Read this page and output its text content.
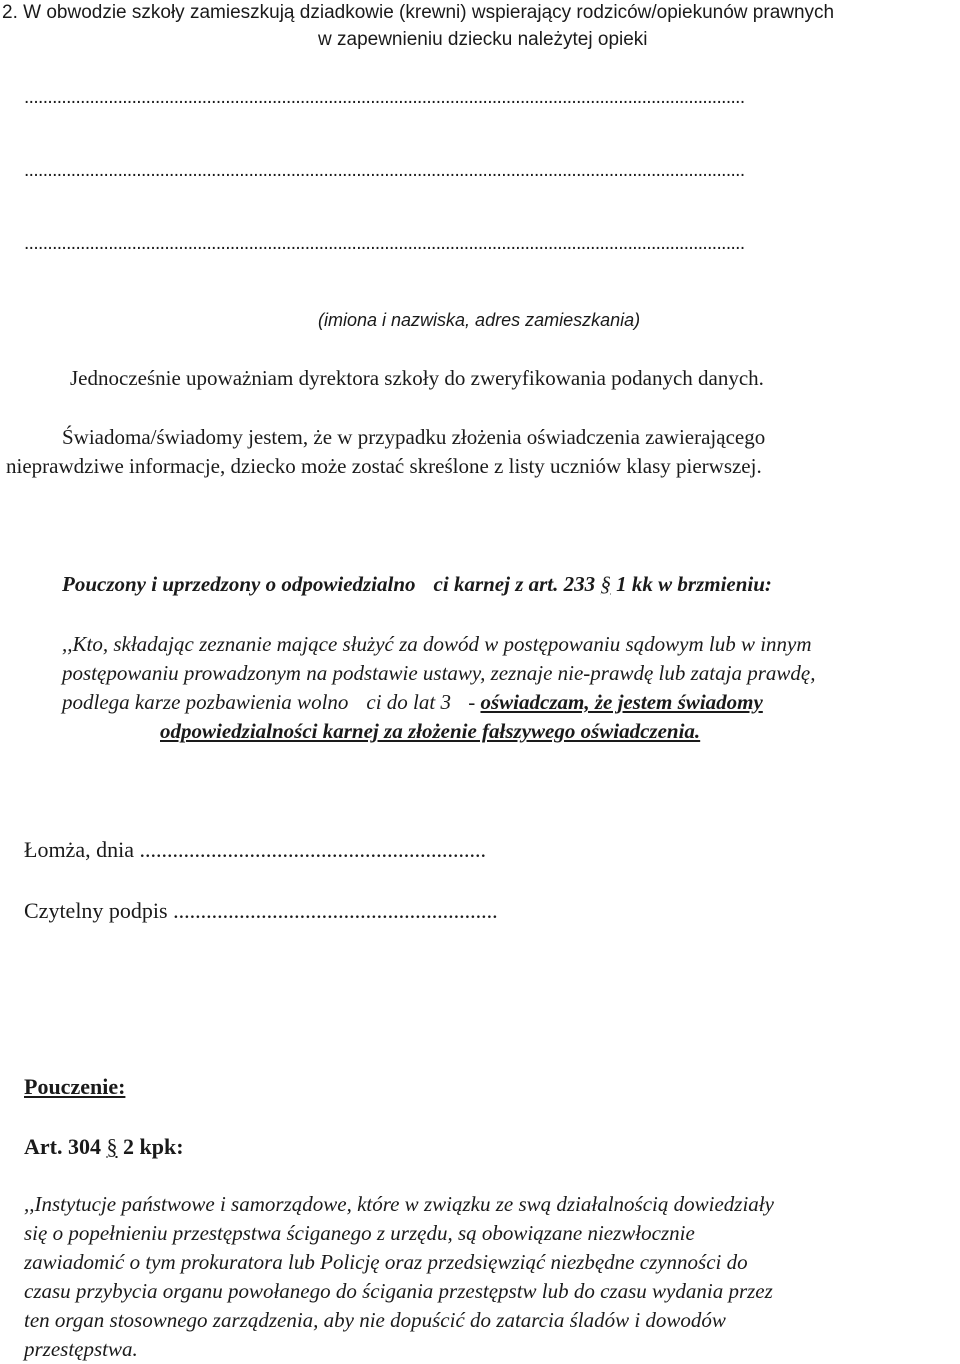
2. W obwodzie szkoły zamieszkują dziadkowie (krewni) wspierający rodziców/opiekunów prawnych
w zapewnieniu dziecku należytej opieki
..........................................................................................................................................................
..........................................................................................................................................................
..........................................................................................................................................................
(imiona i nazwiska, adres zamieszkania)
Jednocześnie upoważniam dyrektora szkoły do zweryfikowania podanych danych.
Świadoma/świadomy jestem, że w przypadku złożenia oświadczenia zawierającego
nieprawdziwe informacje, dziecko może zostać skreślone z listy uczniów klasy pierwszej.
Pouczony i uprzedzony o odpowiedzialno ci karnej z art. 233 § 1 kk w brzmieniu:
,,Kto, składając zeznanie mające służyć za dowód w postępowaniu sądowym lub w innym
postępowaniu prowadzonym na podstawie ustawy, zeznaje nie-prawdę lub zataja prawdę,
podlega karze pozbawienia wolno ci do lat 3 - oświadczam, że jestem świadomy
odpowiedzialności karnej za złożenie fałszywego oświadczenia.
Łomża, dnia ...............................................................
Czytelny podpis ...........................................................
Pouczenie:
Art. 304 § 2 kpk:
,,Instytucje państwowe i samorządowe, które w związku ze swą działalnością dowiedziały
się o popełnieniu przestępstwa ściganego z urzędu, są obowiązane niezwłocznie
zawiadomić o tym prokuratora lub Policję oraz przedsięwziąć niezbędne czynności do
czasu przybycia organu powołanego do ścigania przestępstw lub do czasu wydania przez
ten organ stosownego zarządzenia, aby nie dopuścić do zatarcia śladów i dowodów
przestępstwa.
